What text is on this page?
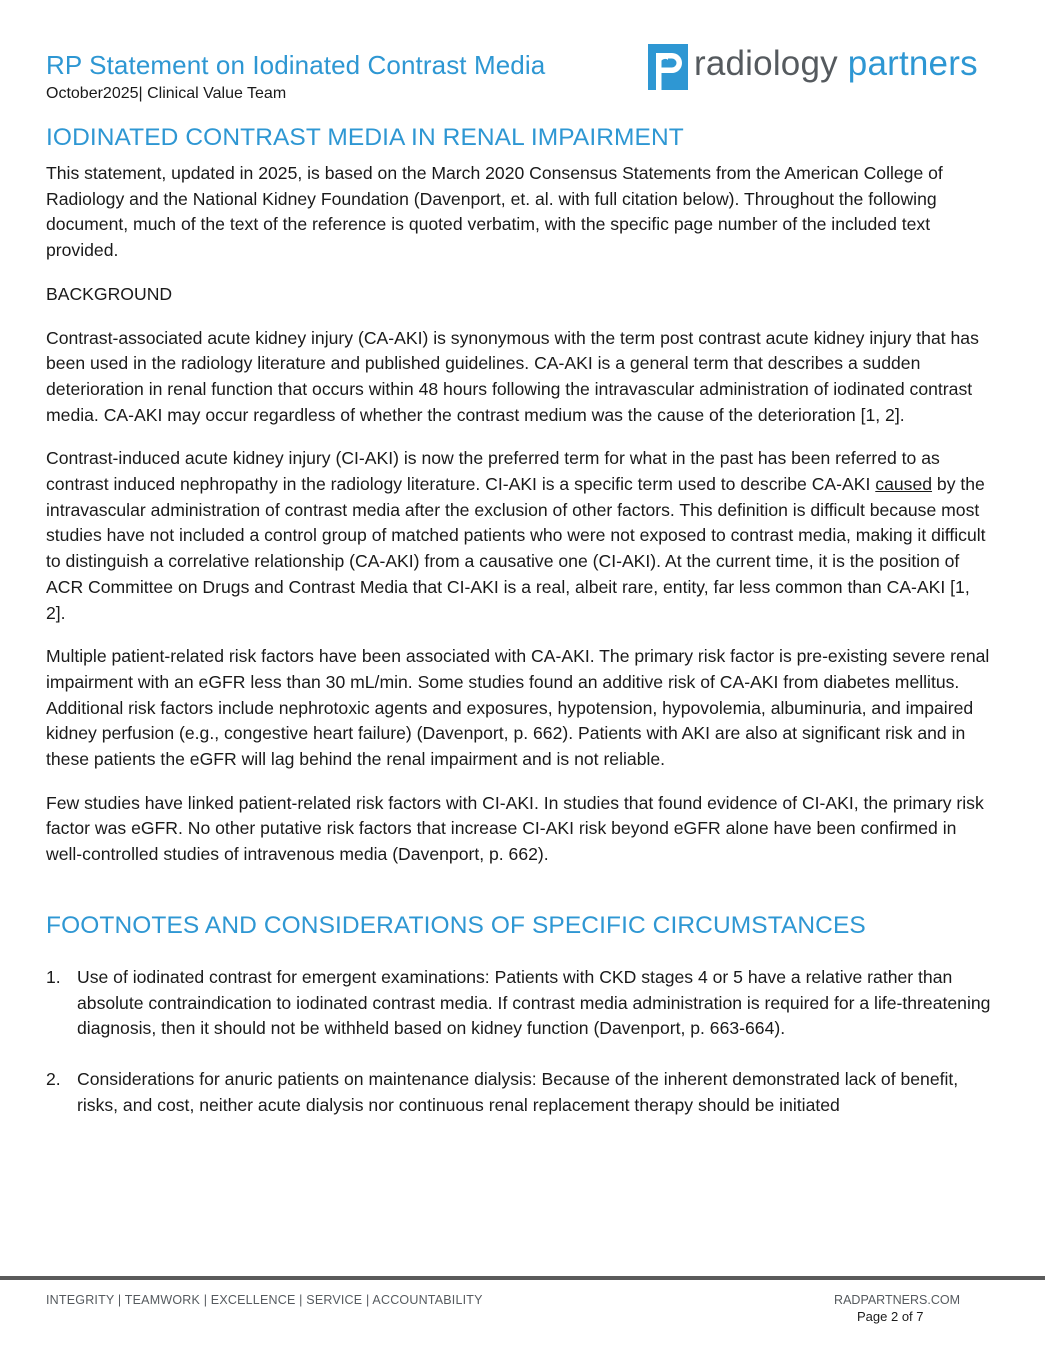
RP Statement on Iodinated Contrast Media
October2025| Clinical Value Team
radiology partners
IODINATED CONTRAST MEDIA IN RENAL IMPAIRMENT

This statement, updated in 2025, is based on the March 2020 Consensus Statements from the American College of Radiology and the National Kidney Foundation (Davenport, et. al. with full citation below). Throughout the following document, much of the text of the reference is quoted verbatim, with the specific page number of the included text provided.

BACKGROUND

Contrast-associated acute kidney injury (CA-AKI) is synonymous with the term post contrast acute kidney injury that has been used in the radiology literature and published guidelines. CA-AKI is a general term that describes a sudden deterioration in renal function that occurs within 48 hours following the intravascular administration of iodinated contrast media. CA-AKI may occur regardless of whether the contrast medium was the cause of the deterioration [1, 2].

Contrast-induced acute kidney injury (CI-AKI) is now the preferred term for what in the past has been referred to as contrast induced nephropathy in the radiology literature. CI-AKI is a specific term used to describe CA-AKI caused by the intravascular administration of contrast media after the exclusion of other factors. This definition is difficult because most studies have not included a control group of matched patients who were not exposed to contrast media, making it difficult to distinguish a correlative relationship (CA-AKI) from a causative one (CI-AKI). At the current time, it is the position of ACR Committee on Drugs and Contrast Media that CI-AKI is a real, albeit rare, entity, far less common than CA-AKI [1, 2].

Multiple patient-related risk factors have been associated with CA-AKI. The primary risk factor is pre-existing severe renal impairment with an eGFR less than 30 mL/min. Some studies found an additive risk of CA-AKI from diabetes mellitus. Additional risk factors include nephrotoxic agents and exposures, hypotension, hypovolemia, albuminuria, and impaired kidney perfusion (e.g., congestive heart failure) (Davenport, p. 662). Patients with AKI are also at significant risk and in these patients the eGFR will lag behind the renal impairment and is not reliable.

Few studies have linked patient-related risk factors with CI-AKI. In studies that found evidence of CI-AKI, the primary risk factor was eGFR. No other putative risk factors that increase CI-AKI risk beyond eGFR alone have been confirmed in well-controlled studies of intravenous media (Davenport, p. 662).

FOOTNOTES AND CONSIDERATIONS OF SPECIFIC CIRCUMSTANCES
1. Use of iodinated contrast for emergent examinations: Patients with CKD stages 4 or 5 have a relative rather than absolute contraindication to iodinated contrast media. If contrast media administration is required for a life-threatening diagnosis, then it should not be withheld based on kidney function (Davenport, p. 663-664).
2. Considerations for anuric patients on maintenance dialysis: Because of the inherent demonstrated lack of benefit, risks, and cost, neither acute dialysis nor continuous renal replacement therapy should be initiated
INTEGRITY | TEAMWORK | EXCELLENCE | SERVICE | ACCOUNTABILITY	RADPARTNERS.COM
Page 2 of 7
